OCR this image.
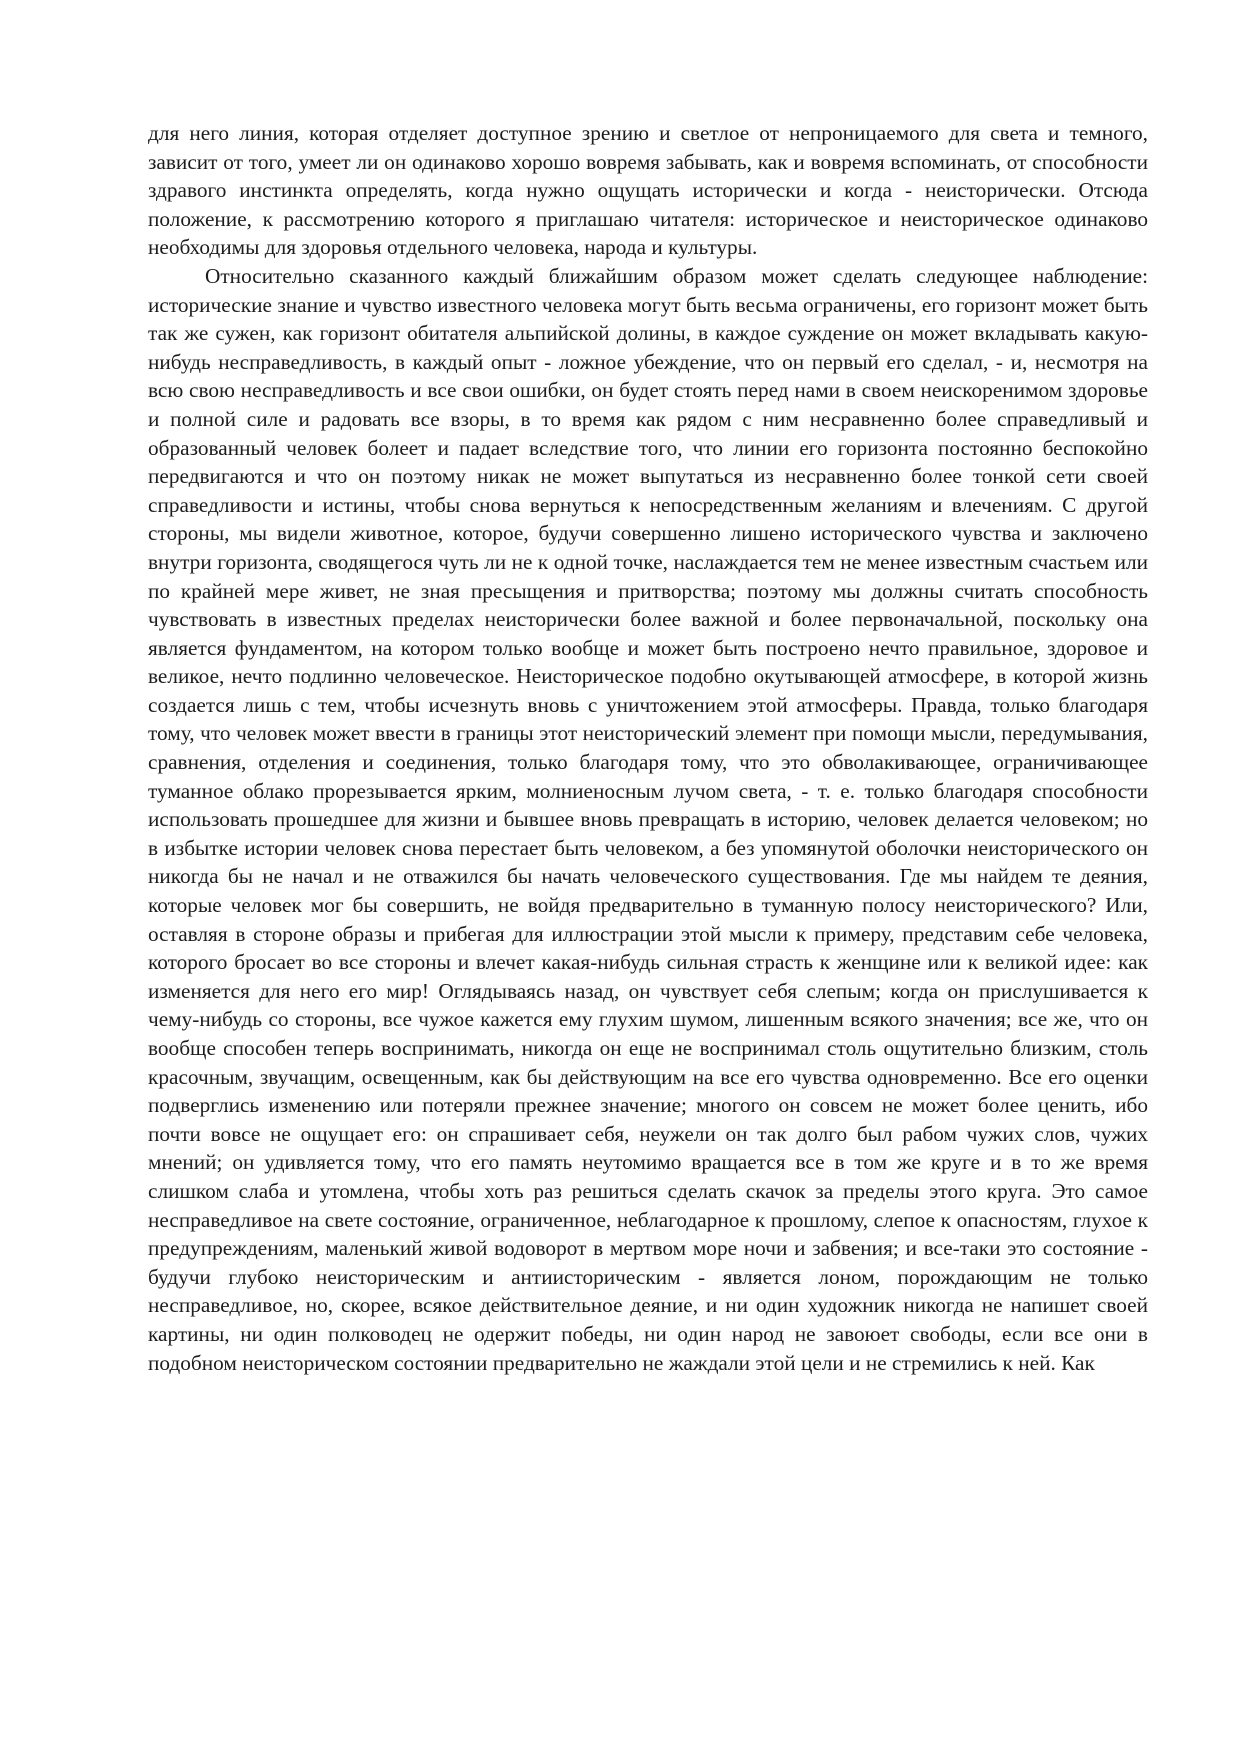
для него линия, которая отделяет доступное зрению и светлое от непроницаемого для света и темного, зависит от того, умеет ли он одинаково хорошо вовремя забывать, как и вовремя вспоминать, от способности здравого инстинкта определять, когда нужно ощущать исторически и когда - неисторически. Отсюда положение, к рассмотрению которого я приглашаю читателя: историческое и неисторическое одинаково необходимы для здоровья отдельного человека, народа и культуры.

Относительно сказанного каждый ближайшим образом может сделать следующее наблюдение: исторические знание и чувство известного человека могут быть весьма ограничены, его горизонт может быть так же сужен, как горизонт обитателя альпийской долины, в каждое суждение он может вкладывать какую-нибудь несправедливость, в каждый опыт - ложное убеждение, что он первый его сделал, - и, несмотря на всю свою несправедливость и все свои ошибки, он будет стоять перед нами в своем неискоренимом здоровье и полной силе и радовать все взоры, в то время как рядом с ним несравненно более справедливый и образованный человек болеет и падает вследствие того, что линии его горизонта постоянно беспокойно передвигаются и что он поэтому никак не может выпутаться из несравненно более тонкой сети своей справедливости и истины, чтобы снова вернуться к непосредственным желаниям и влечениям. С другой стороны, мы видели животное, которое, будучи совершенно лишено исторического чувства и заключено внутри горизонта, сводящегося чуть ли не к одной точке, наслаждается тем не менее известным счастьем или по крайней мере живет, не зная пресыщения и притворства; поэтому мы должны считать способность чувствовать в известных пределах неисторически более важной и более первоначальной, поскольку она является фундаментом, на котором только вообще и может быть построено нечто правильное, здоровое и великое, нечто подлинно человеческое. Неисторическое подобно окутывающей атмосфере, в которой жизнь создается лишь с тем, чтобы исчезнуть вновь с уничтожением этой атмосферы. Правда, только благодаря тому, что человек может ввести в границы этот неисторический элемент при помощи мысли, передумывания, сравнения, отделения и соединения, только благодаря тому, что это обволакивающее, ограничивающее туманное облако прорезывается ярким, молниеносным лучом света, - т. е. только благодаря способности использовать прошедшее для жизни и бывшее вновь превращать в историю, человек делается человеком; но в избытке истории человек снова перестает быть человеком, а без упомянутой оболочки неисторического он никогда бы не начал и не отважился бы начать человеческого существования. Где мы найдем те деяния, которые человек мог бы совершить, не войдя предварительно в туманную полосу неисторического? Или, оставляя в стороне образы и прибегая для иллюстрации этой мысли к примеру, представим себе человека, которого бросает во все стороны и влечет какая-нибудь сильная страсть к женщине или к великой идее: как изменяется для него его мир! Оглядываясь назад, он чувствует себя слепым; когда он прислушивается к чему-нибудь со стороны, все чужое кажется ему глухим шумом, лишенным всякого значения; все же, что он вообще способен теперь воспринимать, никогда он еще не воспринимал столь ощутительно близким, столь красочным, звучащим, освещенным, как бы действующим на все его чувства одновременно. Все его оценки подверглись изменению или потеряли прежнее значение; многого он совсем не может более ценить, ибо почти вовсе не ощущает его: он спрашивает себя, неужели он так долго был рабом чужих слов, чужих мнений; он удивляется тому, что его память неутомимо вращается все в том же круге и в то же время слишком слаба и утомлена, чтобы хоть раз решиться сделать скачок за пределы этого круга. Это самое несправедливое на свете состояние, ограниченное, неблагодарное к прошлому, слепое к опасностям, глухое к предупреждениям, маленький живой водоворот в мертвом море ночи и забвения; и все-таки это состояние - будучи глубоко неисторическим и антиисторическим - является лоном, порождающим не только несправедливое, но, скорее, всякое действительное деяние, и ни один художник никогда не напишет своей картины, ни один полководец не одержит победы, ни один народ не завоюет свободы, если все они в подобном неисторическом состоянии предварительно не жаждали этой цели и не стремились к ней. Как
